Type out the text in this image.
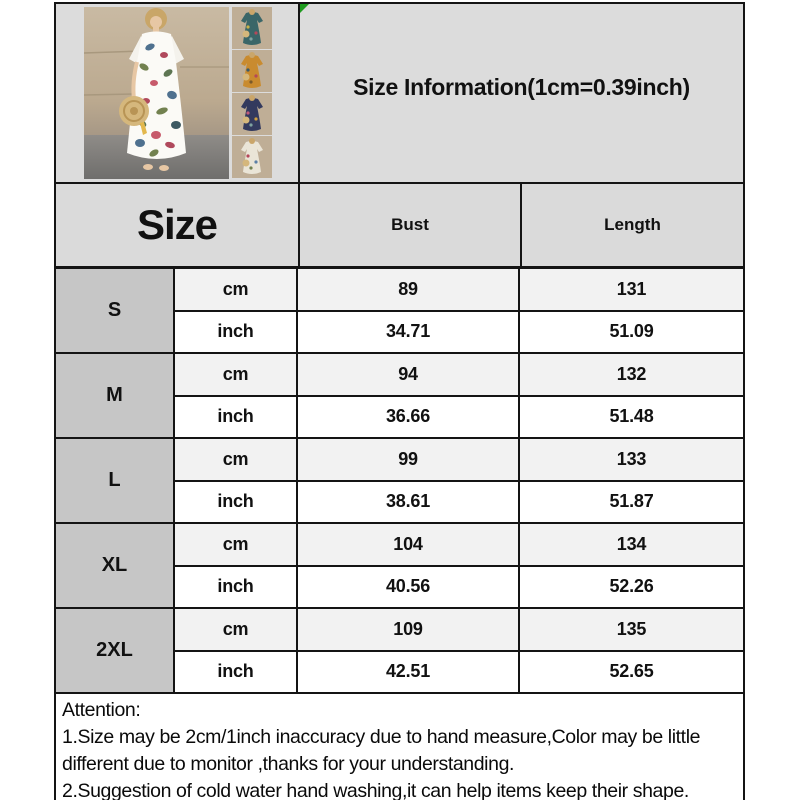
Size Information(1cm=0.39inch)
Size	Bust	Length
S
cm	89	131
inch	34.71	51.09
M
cm	94	132
inch	36.66	51.48
L
cm	99	133
inch	38.61	51.87
XL
cm	104	134
inch	40.56	52.26
2XL
cm	109	135
inch	42.51	52.65
Attention:
1.Size may be 2cm/1inch inaccuracy due to hand measure,Color may be little different due to monitor ,thanks for your understanding.
2.Suggestion of cold water hand washing,it can help items keep their shape.
